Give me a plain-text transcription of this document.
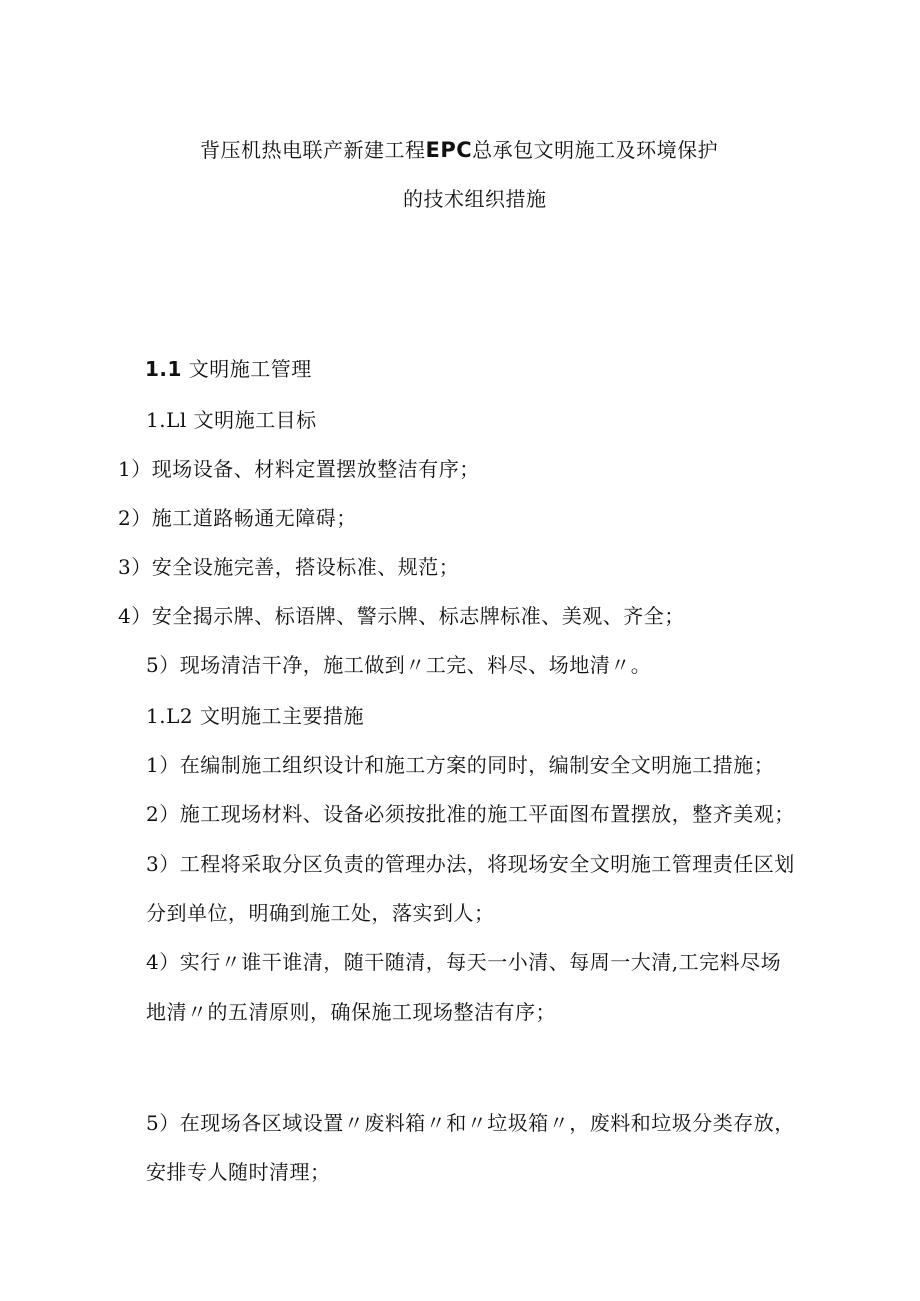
背压机热电联产新建工程EPC总承包文明施工及环境保护
的技术组织措施
1.1 文明施工管理
1.Ll 文明施工目标
1）现场设备、材料定置摆放整洁有序；
2）施工道路畅通无障碍；
3）安全设施完善，搭设标准、规范；
4）安全揭示牌、标语牌、警示牌、标志牌标准、美观、齐全；
5）现场清洁干净，施工做到〃工完、料尽、场地清〃。
1.L2 文明施工主要措施
1）在编制施工组织设计和施工方案的同时，编制安全文明施工措施；
2）施工现场材料、设备必须按批准的施工平面图布置摆放，整齐美观；
3）工程将采取分区负责的管理办法，将现场安全文明施工管理责任区划
分到单位，明确到施工处，落实到人；
4）实行〃谁干谁清，随干随清，每天一小清、每周一大清,工完料尽场
地清〃的五清原则，确保施工现场整洁有序；
5）在现场各区域设置〃废料箱〃和〃垃圾箱〃，废料和垃圾分类存放，
安排专人随时清理；
